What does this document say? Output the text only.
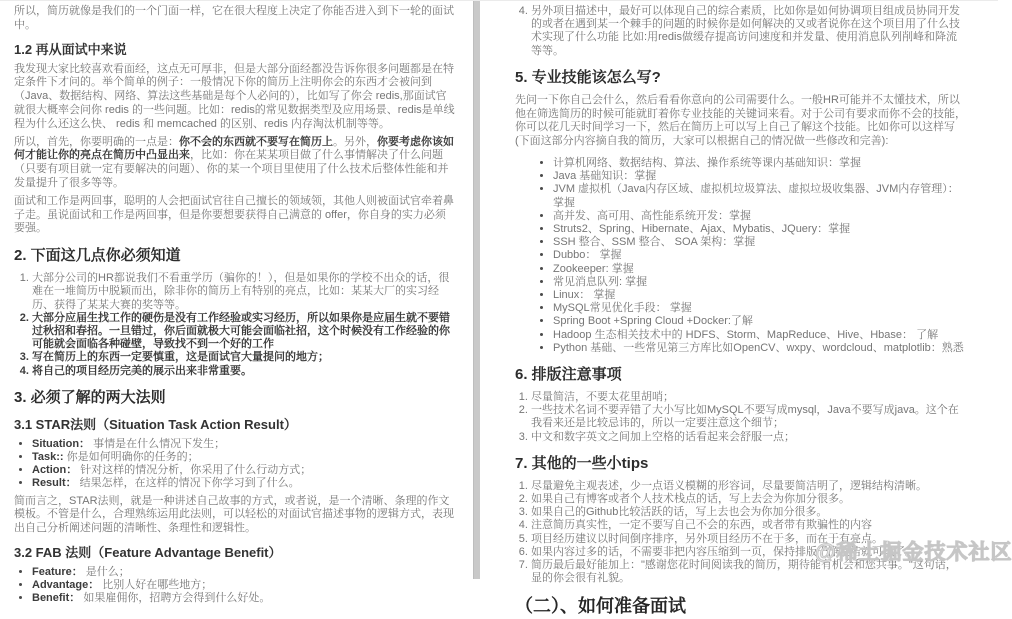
所以，简历就像是我们的一个门面一样，它在很大程度上决定了你能否进入到下一轮的面试中。

1.2 再从面试中来说

我发现大家比较喜欢看面经，这点无可厚非，但是大部分面经都没告诉你很多问题都是在特定条件下才问的。举个简单的例子：一般情况下你的简历上注明你会的东西才会被问到（Java、数据结构、网络、算法这些基础是每个人必问的），比如写了你会 redis,那面试官就很大概率会问你 redis 的一些问题。比如：redis的常见数据类型及应用场景、redis是单线程为什么还这么快、 redis 和 memcached 的区别、redis 内存淘汰机制等等。

所以，首先，你要明确的一点是：你不会的东西就不要写在简历上。另外，你要考虑你该如何才能让你的亮点在简历中凸显出来，比如：你在某某项目做了什么事情解决了什么问题（只要有项目就一定有要解决的问题）、你的某一个项目里使用了什么技术后整体性能和并发量提升了很多等等。

面试和工作是两回事，聪明的人会把面试官往自己擅长的领域领，其他人则被面试官牵着鼻子走。虽说面试和工作是两回事，但是你要想要获得自己满意的 offer，你自身的实力必须要强。

2. 下面这几点你必须知道
1. 大部分公司的HR都说我们不看重学历（骗你的！），但是如果你的学校不出众的话，很难在一堆简历中脱颖而出，除非你的简历上有特别的亮点，比如：某某大厂的实习经历、获得了某某大赛的奖等等。
2. 大部分应届生找工作的硬伤是没有工作经验或实习经历，所以如果你是应届生就不要错过秋招和春招。一旦错过，你后面就极大可能会面临社招，这个时候没有工作经验的你可能就会面临各种碰壁，导致找不到一个好的工作
3. 写在简历上的东西一定要慎重，这是面试官大量提问的地方；
4. 将自己的项目经历完美的展示出来非常重要。
3. 必须了解的两大法则
3.1 STAR法则（Situation Task Action Result）
• Situation： 事情是在什么情况下发生；
• Task:: 你是如何明确你的任务的；
• Action： 针对这样的情况分析，你采用了什么行动方式；
• Result： 结果怎样，在这样的情况下你学习到了什么。

简而言之，STAR法则，就是一种讲述自己故事的方式，或者说，是一个清晰、条理的作文模板。不管是什么，合理熟练运用此法则，可以轻松的对面试官描述事物的逻辑方式，表现出自己分析阐述问题的清晰性、条理性和逻辑性。

3.2 FAB 法则（Feature Advantage Benefit）
• Feature： 是什么；
• Advantage： 比别人好在哪些地方；
• Benefit： 如果雇佣你，招聘方会得到什么好处。
4. 另外项目描述中，最好可以体现自己的综合素质，比如你是如何协调项目组成员协同开发的或者在遇到某一个棘手的问题的时候你是如何解决的又或者说你在这个项目用了什么技术实现了什么功能 比如:用redis做缓存提高访问速度和并发量、使用消息队列削峰和降流等等。
5. 专业技能该怎么写?

先问一下你自己会什么，然后看看你意向的公司需要什么。一般HR可能并不太懂技术，所以他在筛选简历的时候可能就盯着你专业技能的关键词来看。对于公司有要求而你不会的技能，你可以花几天时间学习一下，然后在简历上可以写上自己了解这个技能。比如你可以这样写(下面这部分内容摘自我的简历，大家可以根据自己的情况做一些修改和完善):

• 计算机网络、数据结构、算法、操作系统等课内基础知识：掌握
• Java 基础知识：掌握
• JVM 虚拟机（Java内存区域、虚拟机垃圾算法、虚拟垃圾收集器、JVM内存管理）： 掌握
• 高并发、高可用、高性能系统开发：掌握
• Struts2、Spring、Hibernate、Ajax、Mybatis、JQuery：掌握
• SSH 整合、SSM 整合、 SOA 架构：掌握
• Dubbo： 掌握
• Zookeeper: 掌握
• 常见消息队列: 掌握
• Linux： 掌握
• MySQL常见优化手段： 掌握
• Spring Boot +Spring Cloud +Docker:了解
• Hadoop 生态相关技术中的 HDFS、Storm、MapReduce、Hive、Hbase： 了解
• Python 基础、一些常见第三方库比如OpenCV、wxpy、wordcloud、matplotlib：熟悉
6. 排版注意事项
1. 尽量简洁，不要太花里胡哨；
2. 一些技术名词不要弄错了大小写比如MySQL不要写成mysql，Java不要写成java。这个在我看来还是比较忌讳的，所以一定要注意这个细节；
3. 中文和数字英文之间加上空格的话看起来会舒服一点；
7. 其他的一些小tips
1. 尽量避免主观表述，少一点语义模糊的形容词，尽量要简洁明了，逻辑结构清晰。
2. 如果自己有博客或者个人技术栈点的话，写上去会为你加分很多。
3. 如果自己的Github比较活跃的话，写上去也会为你加分很多。
4. 注意简历真实性，一定不要写自己不会的东西，或者带有欺骗性的内容
5. 项目经历建议以时间倒序排序，另外项目经历不在于多，而在于有亮点。
6. 如果内容过多的话，不需要非把内容压缩到一页，保持排版干净整洁就可以了。
7. 简历最后最好能加上："感谢您花时间阅读我的简历，期待能有机会和您共事。"这句话，显的你会很有礼貌。
（二）、如何准备面试
@稀土掘金技术社区
